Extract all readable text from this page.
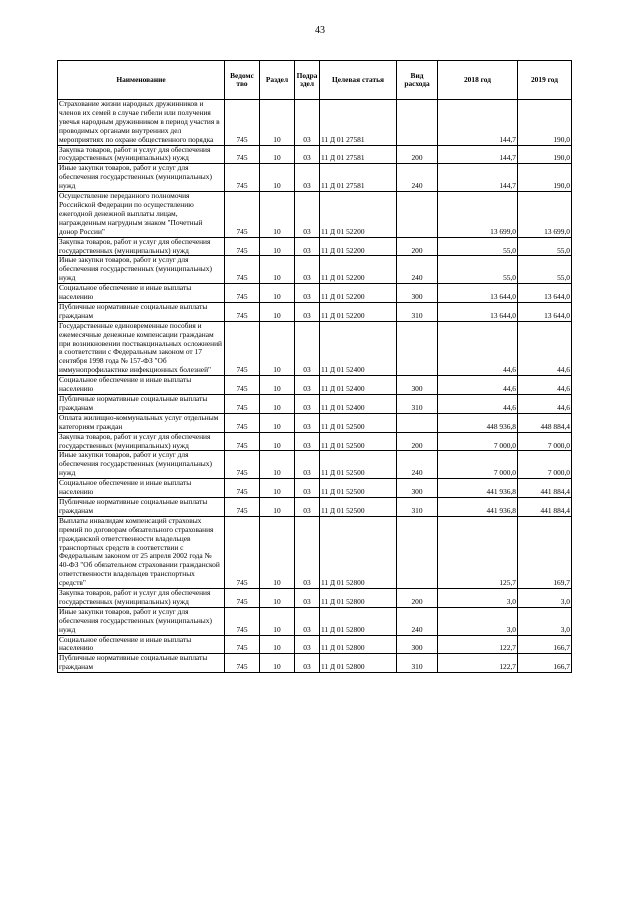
43
Наименование	Ведомс тво	Раздел	Подра здел	Целевая статья	Вид расхода	2018 год	2019 год
Страхование жизни народных дружинников и членов их семей в случае гибели или получения увечья народным дружинником в период участия в проводимых органами внутренних дел мероприятиях по охране общественного порядка	745	10	03	11 Д 01 27581		144,7	190,0
Закупка товаров, работ и услуг для обеспечения государственных (муниципальных) нужд	745	10	03	11 Д 01 27581	200	144,7	190,0
Иные закупки товаров, работ и услуг для обеспечения государственных (муниципальных) нужд	745	10	03	11 Д 01 27581	240	144,7	190,0
Осуществление переданного полномочия Российской Федерации по осуществлению ежегодной денежной выплаты лицам, награжденным нагрудным знаком "Почетный донор России"	745	10	03	11 Д 01 52200		13 699,0	13 699,0
Закупка товаров, работ и услуг для обеспечения государственных (муниципальных) нужд	745	10	03	11 Д 01 52200	200	55,0	55,0
Иные закупки товаров, работ и услуг для обеспечения государственных (муниципальных) нужд	745	10	03	11 Д 01 52200	240	55,0	55,0
Социальное обеспечение и иные выплаты населению	745	10	03	11 Д 01 52200	300	13 644,0	13 644,0
Публичные нормативные социальные выплаты гражданам	745	10	03	11 Д 01 52200	310	13 644,0	13 644,0
Государственные единовременные пособия и ежемесячные денежные компенсации гражданам при возникновении поствакцинальных осложнений в соответствии с Федеральным законом от 17 сентября 1998 года № 157-ФЗ "Об иммунопрофилактике инфекционных болезней"	745	10	03	11 Д 01 52400		44,6	44,6
Социальное обеспечение и иные выплаты населению	745	10	03	11 Д 01 52400	300	44,6	44,6
Публичные нормативные социальные выплаты гражданам	745	10	03	11 Д 01 52400	310	44,6	44,6
Оплата жилищно-коммунальных услуг отдельным категориям граждан	745	10	03	11 Д 01 52500		448 936,8	448 884,4
Закупка товаров, работ и услуг для обеспечения государственных (муниципальных) нужд	745	10	03	11 Д 01 52500	200	7 000,0	7 000,0
Иные закупки товаров, работ и услуг для обеспечения государственных (муниципальных) нужд	745	10	03	11 Д 01 52500	240	7 000,0	7 000,0
Социальное обеспечение и иные выплаты населению	745	10	03	11 Д 01 52500	300	441 936,8	441 884,4
Публичные нормативные социальные выплаты гражданам	745	10	03	11 Д 01 52500	310	441 936,8	441 884,4
Выплаты инвалидам компенсаций страховых премий по договорам обязательного страхования гражданской ответственности владельцев транспортных средств в соответствии с Федеральным законом от 25 апреля 2002 года № 40-ФЗ "Об обязательном страховании гражданской ответственности владельцев транспортных средств"	745	10	03	11 Д 01 52800		125,7	169,7
Закупка товаров, работ и услуг для обеспечения государственных (муниципальных) нужд	745	10	03	11 Д 01 52800	200	3,0	3,0
Иные закупки товаров, работ и услуг для обеспечения государственных (муниципальных) нужд	745	10	03	11 Д 01 52800	240	3,0	3,0
Социальное обеспечение и иные выплаты населению	745	10	03	11 Д 01 52800	300	122,7	166,7
Публичные нормативные социальные выплаты гражданам	745	10	03	11 Д 01 52800	310	122,7	166,7
